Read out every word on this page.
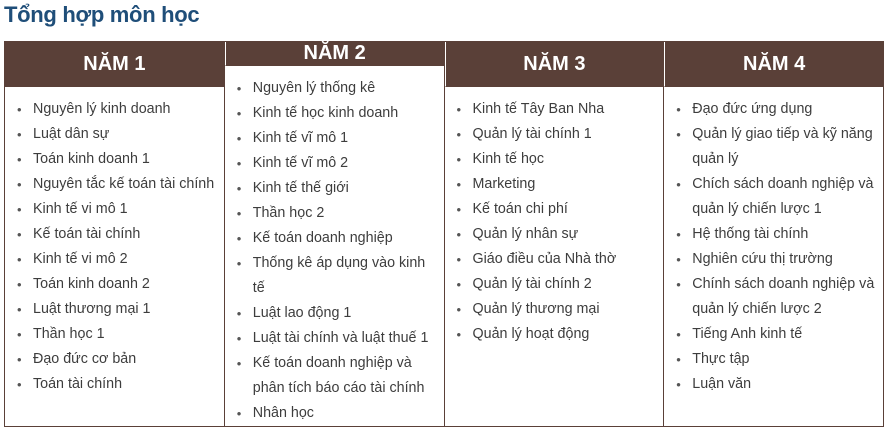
Tổng hợp môn học
NĂM 1
• Nguyên lý kinh doanh
• Luật dân sự
• Toán kinh doanh 1
• Nguyên tắc kế toán tài chính
• Kinh tế vi mô 1
• Kế toán tài chính
• Kinh tế vi mô 2
• Toán kinh doanh 2
• Luật thương mại 1
• Thần học 1
• Đạo đức cơ bản
• Toán tài chính
NĂM 2
• Nguyên lý thống kê
• Kinh tế học kinh doanh
• Kinh tế vĩ mô 1
• Kinh tế vĩ mô 2
• Kinh tế thế giới
• Thần học 2
• Kế toán doanh nghiệp
• Thống kê áp dụng vào kinh tế
• Luật lao động 1
• Luật tài chính và luật thuế 1
• Kế toán doanh nghiệp và phân tích báo cáo tài chính
• Nhân học
NĂM 3
• Kinh tế Tây Ban Nha
• Quản lý tài chính 1
• Kinh tế học
• Marketing
• Kế toán chi phí
• Quản lý nhân sự
• Giáo điều của Nhà thờ
• Quản lý tài chính 2
• Quản lý thương mại
• Quản lý hoạt động
NĂM 4
• Đạo đức ứng dụng
• Quản lý giao tiếp và kỹ năng quản lý
• Chích sách doanh nghiệp và quản lý chiến lược 1
• Hệ thống tài chính
• Nghiên cứu thị trường
• Chính sách doanh nghiệp và quản lý chiến lược 2
• Tiếng Anh kinh tế
• Thực tập
• Luận văn
